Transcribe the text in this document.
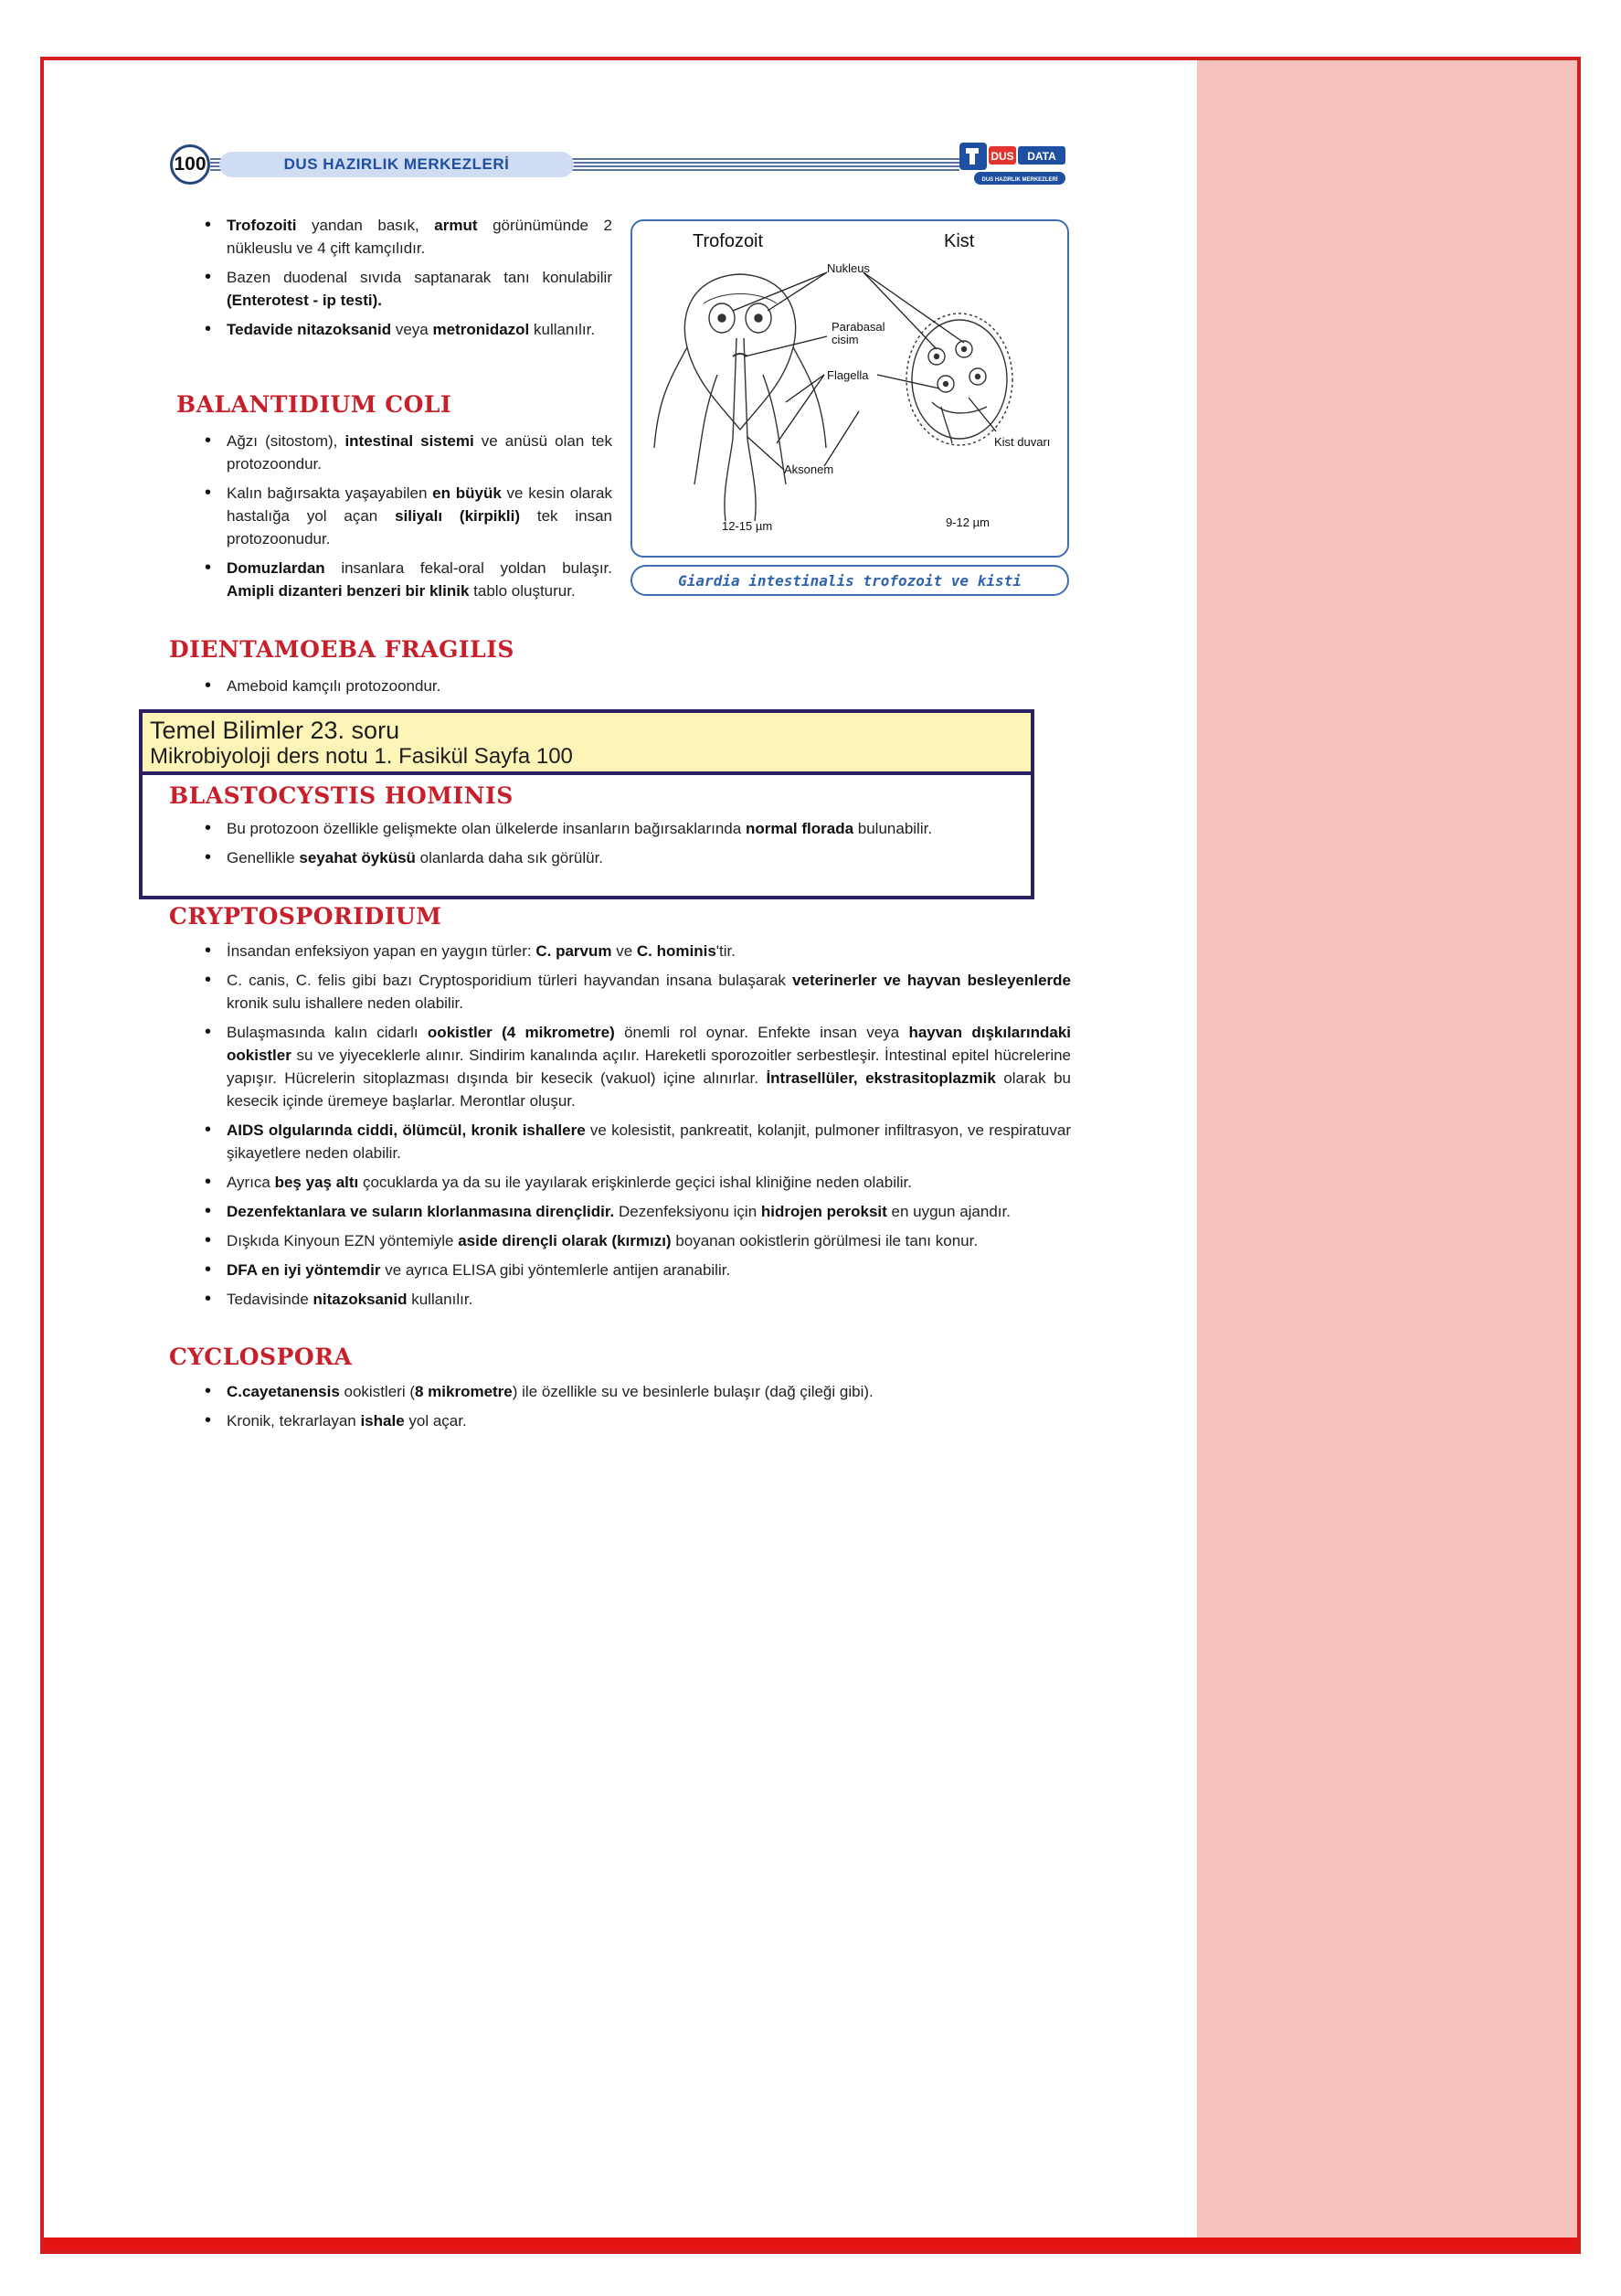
DUS HAZIRLIK MERKEZLERİ
100	DUS DATA
DUS HAZIRLIK MERKEZLERİ
• Trofozoiti yandan basık, armut görünümünde 2 nükleuslu ve 4 çift kamçılıdır.
• Bazen duodenal sıvıda saptanarak tanı konulabilir (Enterotest - ip testi).
• Tedavide nitazoksanid veya metronidazol kullanılır.
BALANTIDIUM COLI
• Ağzı (sitostom), intestinal sistemi ve anüsü olan tek protozoondur.
• Kalın bağırsakta yaşayabilen en büyük ve kesin olarak hastalığa yol açan siliyalı (kirpikli) tek insan protozoonudur.
• Domuzlardan insanlara fekal-oral yoldan bulaşır. Amipli dizanteri benzeri bir klinik tablo oluşturur.
Trofozoit	Kist
Nukleus
Parabasal
cisim
Flagella
Aksonem
Kist duvarı
12-15 µm	9-12 µm
Giardia intestinalis trofozoit ve kisti
DIENTAMOEBA FRAGILIS
• Ameboid kamçılı protozoondur.
BLASTOCYSTIS HOMINIS
• Bu protozoon özellikle gelişmekte olan ülkelerde insanların bağırsaklarında normal florada bulunabilir.
• Genellikle seyahat öyküsü olanlarda daha sık görülür.
Temel Bilimler 23. soru
Mikrobiyoloji ders notu 1. Fasikül Sayfa 100
CRYPTOSPORIDIUM
• İnsandan enfeksiyon yapan en yaygın türler: C. parvum ve C. hominis'tir.
• C. canis, C. felis gibi bazı Cryptosporidium türleri hayvandan insana bulaşarak veterinerler ve hayvan besleyenlerde kronik sulu ishallere neden olabilir.
• Bulaşmasında kalın cidarlı ookistler (4 mikrometre) önemli rol oynar. Enfekte insan veya hayvan dışkılarındaki ookistler su ve yiyeceklerle alınır. Sindirim kanalında açılır. Hareketli sporozoitler serbestleşir. İntestinal epitel hücrelerine yapışır. Hücrelerin sitoplazması dışında bir kesecik (vakuol) içine alınırlar. İntrasellüler, ekstrasitoplazmik olarak bu kesecik içinde üremeye başlarlar. Merontlar oluşur.
• AIDS olgularında ciddi, ölümcül, kronik ishallere ve kolesistit, pankreatit, kolanjit, pulmoner infiltrasyon, ve respiratuvar şikayetlere neden olabilir.
• Ayrıca beş yaş altı çocuklarda ya da su ile yayılarak erişkinlerde geçici ishal kliniğine neden olabilir.
• Dezenfektanlara ve suların klorlanmasına dirençlidir. Dezenfeksiyonu için hidrojen peroksit en uygun ajandır.
• Dışkıda Kinyoun EZN yöntemiyle aside dirençli olarak (kırmızı) boyanan ookistlerin görülmesi ile tanı konur.
• DFA en iyi yöntemdir ve ayrıca ELISA gibi yöntemlerle antijen aranabilir.
• Tedavisinde nitazoksanid kullanılır.
CYCLOSPORA
• C.cayetanensis ookistleri (8 mikrometre) ile özellikle su ve besinlerle bulaşır (dağ çileği gibi).
• Kronik, tekrarlayan ishale yol açar.
